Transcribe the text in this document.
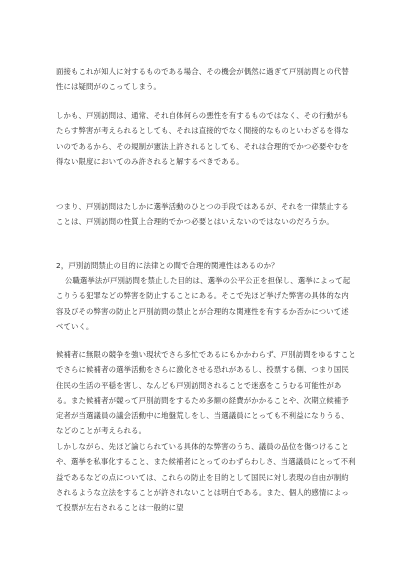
面接もこれが知人に対するものである場合、その機会が偶然に過ぎて戸別訪問との代替性には疑問がのこってしまう。

しかも、戸別訪問は、通常、それ自体何らの悪性を有するものではなく、その行動がもたらす弊害が考えられるとしても、それは直接的でなく間接的なものといわざるを得ないのであるから、その規制が憲法上許されるとしても、それは合理的でかつ必要やむを得ない限度においてのみ許されると解するべきである。

つまり、戸別訪問はたしかに選挙活動のひとつの手段ではあるが、それを一律禁止することは、戸別訪問の性質上合理的でかつ必要とはいえないのではないのだろうか。

2，戸別訪問禁止の目的に法律との間で合理的関連性はあるのか？

公職選挙法が戸別訪問を禁止した目的は、選挙の公平公正を担保し、選挙によって起こりうる犯罪などの弊害を防止することにある。そこで先ほど挙げた弊害の具体的な内容及びその弊害の防止と戸別訪問の禁止とが合理的な関連性を有するか否かについて述べていく。

候補者に無限の競争を強い現状でさら多忙であるにもかかわらず、戸別訪問をゆるすことでさらに候補者の選挙活動をさらに激化させる恐れがあるし、投票する側、つまり国民住民の生活の平穏を害し、なんども戸別訪問されることで迷惑をこうむる可能性がある。また候補者が競って戸別訪問をするため多額の経費がかかることや、次期立候補予定者が当選議員の議会活動中に地盤荒しをし、当選議員にとっても不利益になりうる、などのことが考えられる。

しかしながら、先ほど論じられている具体的な弊害のうち、議員の品位を傷つけることや、選挙を私事化すること、また候補者にとってのわずらわしさ、当選議員にとって不利益であるなどの点については、これらの防止を目的として国民に対し表現の自由が制約されるような立法をすることが許されないことは明白である。また、個人的感情によって投票が左右されることは一般的に望
